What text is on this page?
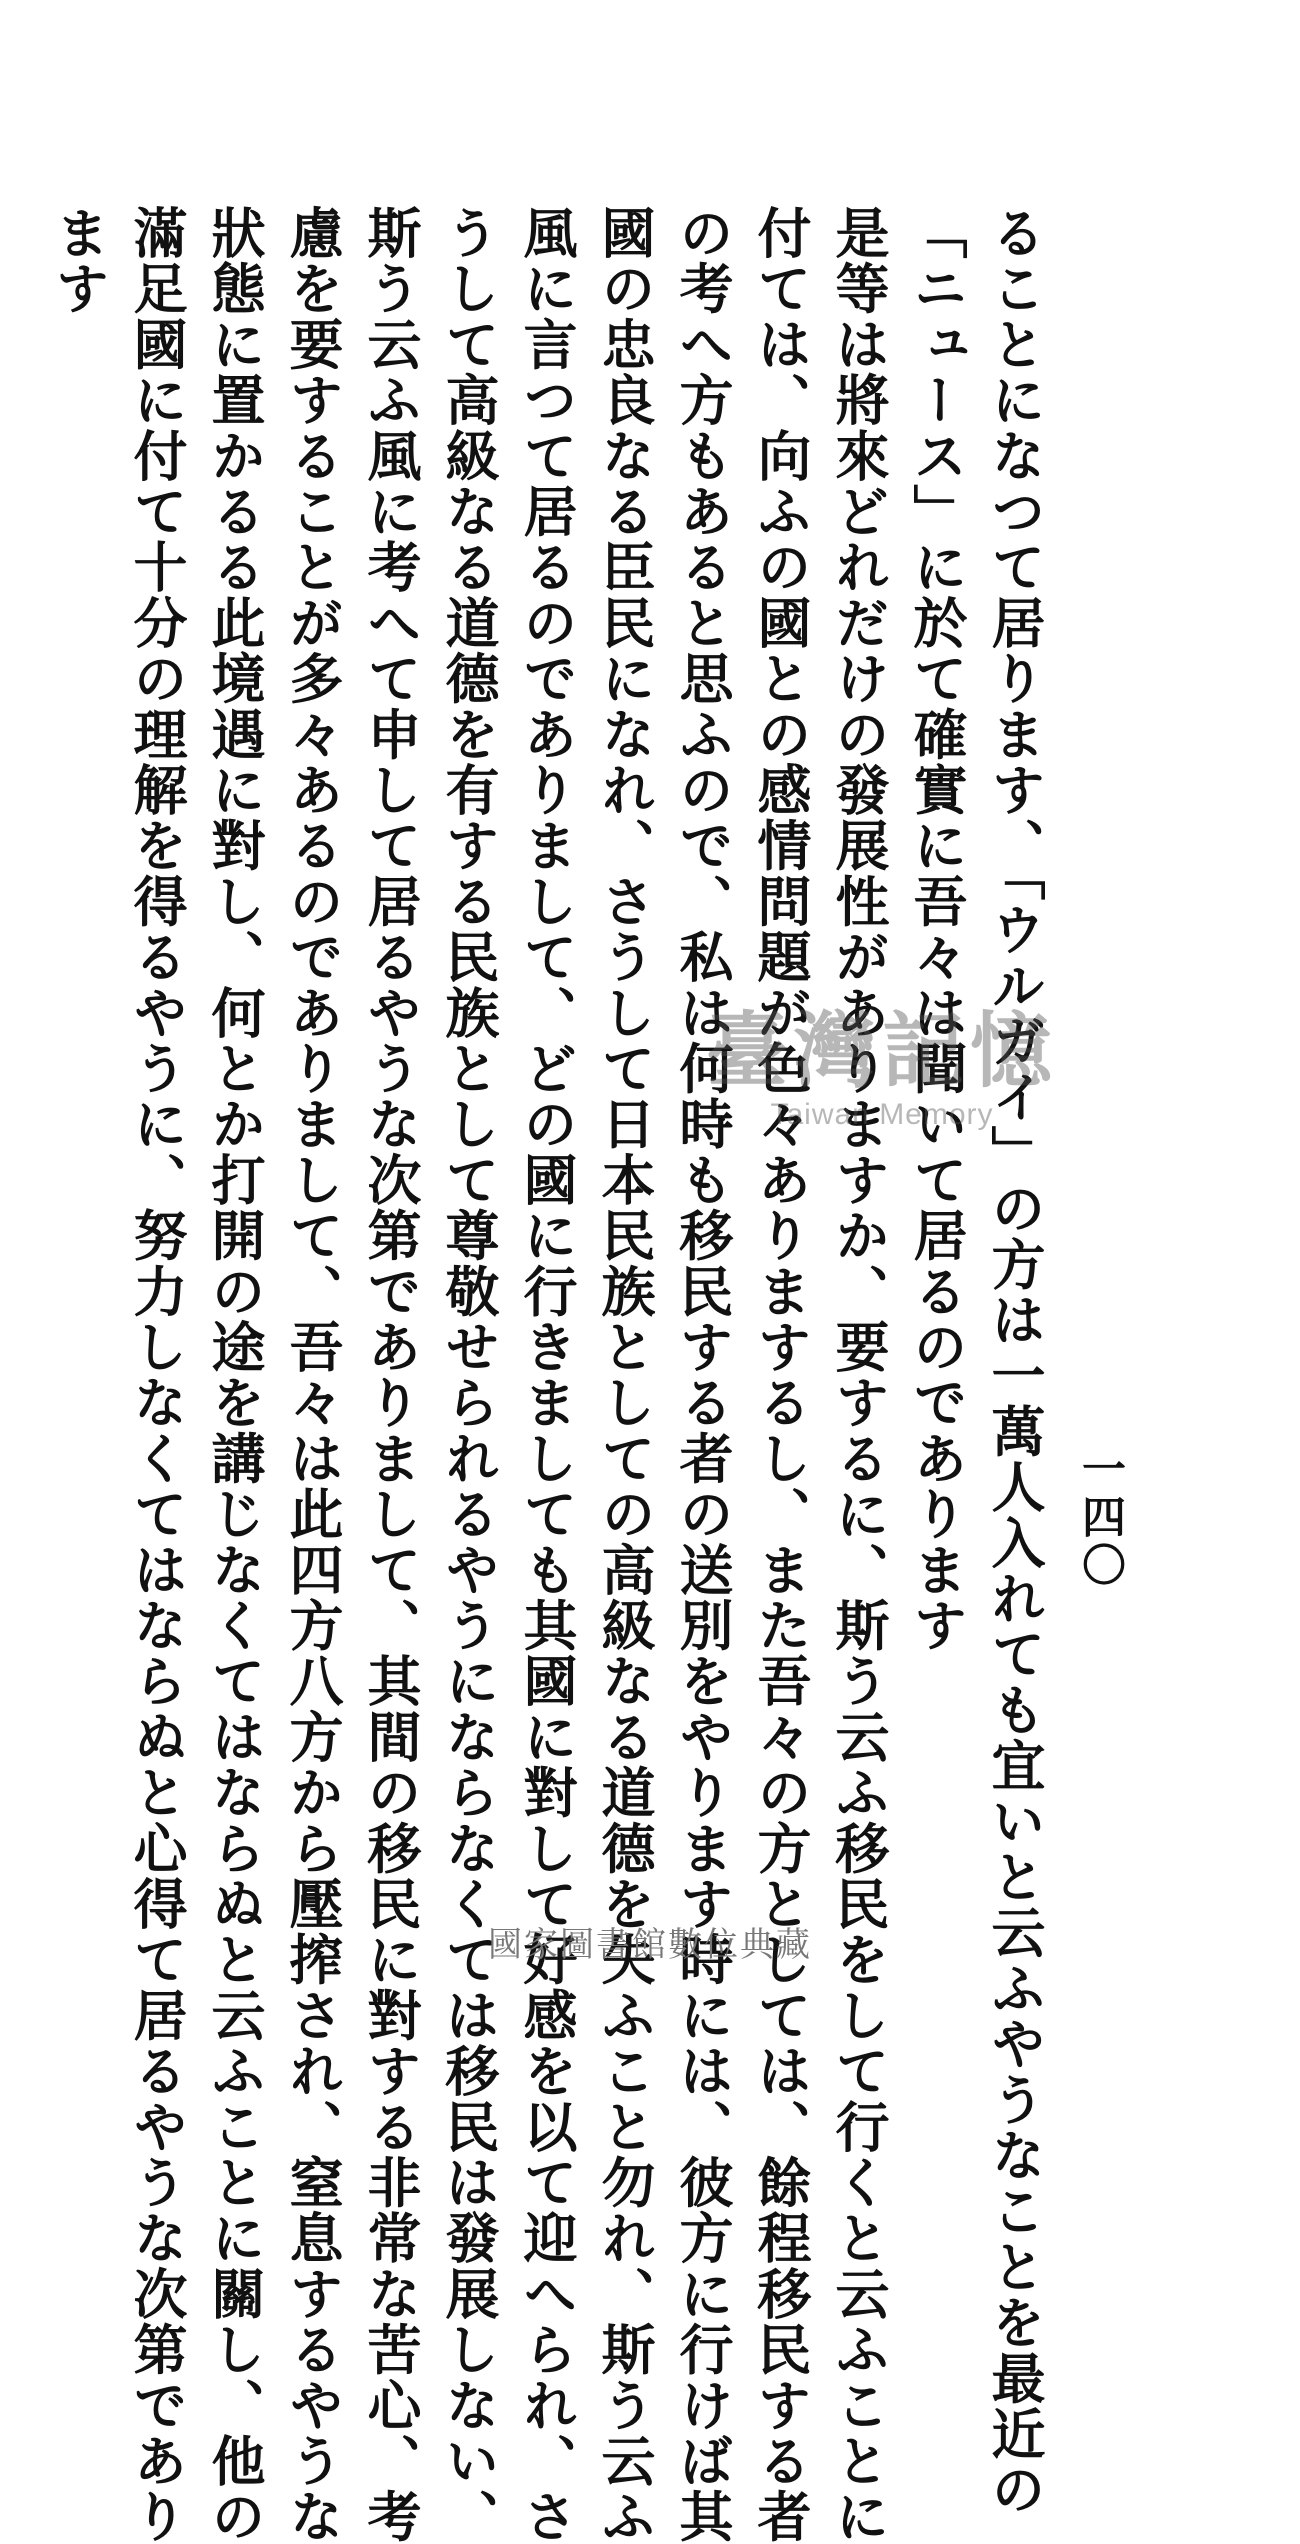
一四〇
ることになつて居ります、「ウルガイ」の方は一萬人入れても宜いと云ふやうなことを最近の
「ニュース」に於て確實に吾々は聞いて居るのであります
是等は將來どれだけの發展性がありますか、要するに、斯う云ふ移民をして行くと云ふことに
付ては、向ふの國との感情問題が色々ありまするし、また吾々の方としては、餘程移民する者
の考へ方もあると思ふので、私は何時も移民する者の送別をやります時には、彼方に行けば其
國の忠良なる臣民になれ、さうして日本民族としての高級なる道德を失ふこと勿れ、斯う云ふ
風に言つて居るのでありまして、どの國に行きましても其國に對して好感を以て迎へられ、さ
うして高級なる道德を有する民族として尊敬せられるやうにならなくては移民は發展しない、
斯う云ふ風に考へて申して居るやうな次第でありまして、其間の移民に對する非常な苦心、考
慮を要することが多々あるのでありまして、吾々は此四方八方から壓搾され、窒息するやうな
狀態に置かるる此境遇に對し、何とか打開の途を講じなくてはならぬと云ふことに關し、他の
滿足國に付て十分の理解を得るやうに、努力しなくてはならぬと心得て居るやうな次第であり
ます
臺灣記憶
Taiwan Memory
國家圖書館數位典藏
